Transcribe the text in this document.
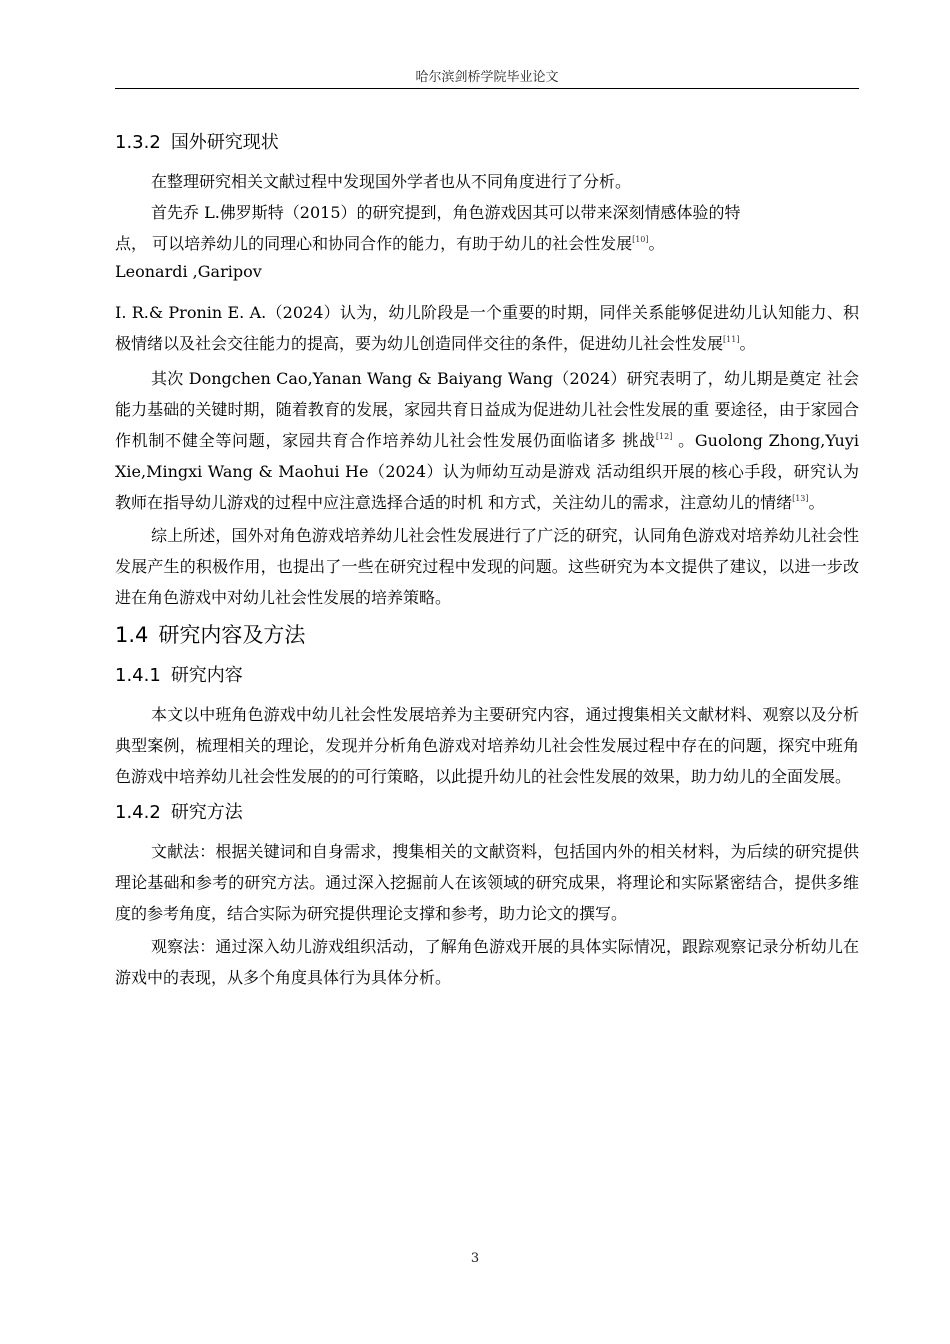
哈尔滨剑桥学院毕业论文
1.3.2 国外研究现状

在整理研究相关文献过程中发现国外学者也从不同角度进行了分析。

首先乔 L.佛罗斯特（2015）的研究提到，角色游戏因其可以带来深刻情感体验的特

点， 可以培养幼儿的同理心和协同合作的能力，有助于幼儿的社会性发展[10]。

Leonardi ,Garipov

I. R.& Pronin E. A.（2024）认为，幼儿阶段是一个重要的时期，同伴关系能够促进幼儿认知能力、积极情绪以及社会交往能力的提高，要为幼儿创造同伴交往的条件，促进幼儿社会性发展[11]。

其次 Dongchen Cao,Yanan Wang & Baiyang Wang（2024）研究表明了，幼儿期是奠定 社会能力基础的关键时期，随着教育的发展，家园共育日益成为促进幼儿社会性发展的重 要途径，由于家园合作机制不健全等问题，家园共育合作培养幼儿社会性发展仍面临诸多 挑战[12] 。Guolong Zhong,Yuyi Xie,Mingxi Wang & Maohui He（2024）认为师幼互动是游戏 活动组织开展的核心手段，研究认为教师在指导幼儿游戏的过程中应注意选择合适的时机 和方式，关注幼儿的需求，注意幼儿的情绪[13]。

综上所述，国外对角色游戏培养幼儿社会性发展进行了广泛的研究，认同角色游戏对培养幼儿社会性发展产生的积极作用，也提出了一些在研究过程中发现的问题。这些研究为本文提供了建议，以进一步改进在角色游戏中对幼儿社会性发展的培养策略。

1.4 研究内容及方法
1.4.1 研究内容

本文以中班角色游戏中幼儿社会性发展培养为主要研究内容，通过搜集相关文献材料、观察以及分析典型案例，梳理相关的理论，发现并分析角色游戏对培养幼儿社会性发展过程中存在的问题，探究中班角色游戏中培养幼儿社会性发展的的可行策略，以此提升幼儿的社会性发展的效果，助力幼儿的全面发展。

1.4.2 研究方法

文献法：根据关键词和自身需求，搜集相关的文献资料，包括国内外的相关材料，为后续的研究提供理论基础和参考的研究方法。通过深入挖掘前人在该领域的研究成果，将理论和实际紧密结合，提供多维度的参考角度，结合实际为研究提供理论支撑和参考，助力论文的撰写。

观察法：通过深入幼儿游戏组织活动，了解角色游戏开展的具体实际情况，跟踪观察记录分析幼儿在游戏中的表现，从多个角度具体行为具体分析。

3
